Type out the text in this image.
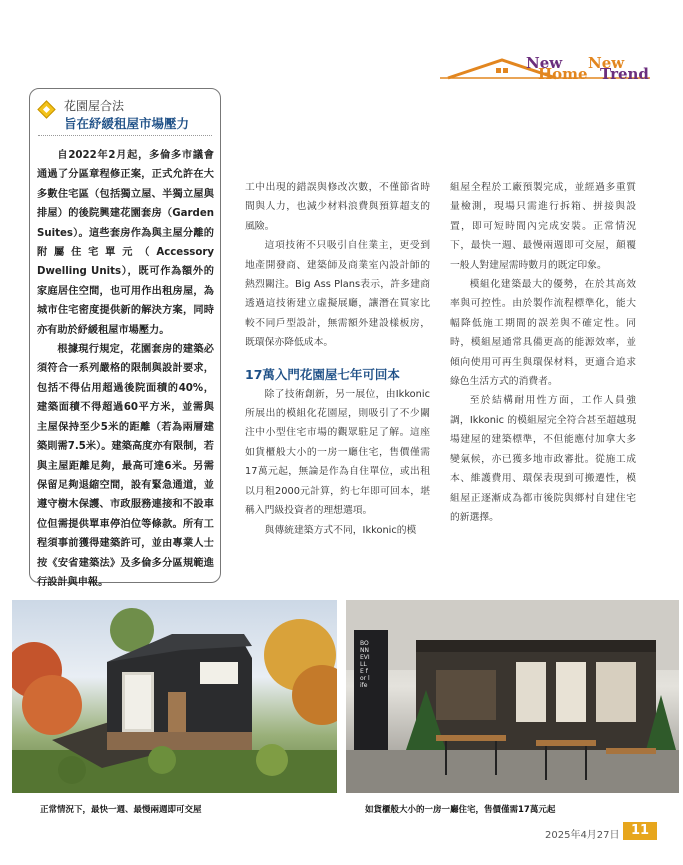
New
Home
New
Trend
花園屋合法
旨在紓緩租屋市場壓力

自2022年2月起，多倫多市議會通過了分區章程修正案，正式允許在大多數住宅區（包括獨立屋、半獨立屋與排屋）的後院興建花園套房（Garden Suites）。這些套房作為與主屋分離的附屬住宅單元（Accessory Dwelling Units），既可作為額外的家庭居住空間，也可用作出租房屋，為城市住宅密度提供新的解決方案，同時亦有助於紓緩租屋市場壓力。

根據現行規定，花園套房的建築必須符合一系列嚴格的限制與設計要求，包括不得佔用超過後院面積的40%，建築面積不得超過60平方米，並需與主屋保持至少5米的距離（若為兩層建築則需7.5米）。建築高度亦有限制，若與主屋距離足夠，最高可達6米。另需保留足夠退縮空間，設有緊急通道，並遵守樹木保護、市政服務連接和不設車位但需提供單車停泊位等條款。所有工程須事前獲得建築許可，並由專業人士按《安省建築法》及多倫多分區規範進行設計與申報。

工中出現的錯誤與修改次數，不僅節省時間與人力，也減少材料浪費與預算超支的風險。

這項技術不只吸引自住業主，更受到地產開發商、建築師及商業室內設計師的熱烈關注。Big Ass Plans表示，許多建商透過這技術建立虛擬展廳，讓潛在買家比較不同戶型設計，無需額外建設樣板房，既環保亦降低成本。

17萬入門花園屋七年可回本

除了技術創新，另一展位，由Ikkonic所展出的模組化花園屋，則吸引了不少關注中小型住宅市場的觀眾駐足了解。這座如貨櫃般大小的一房一廳住宅，售價僅需17萬元起，無論是作為自住單位，或出租以月租2000元計算，約七年即可回本，堪稱入門級投資者的理想選項。

與傳統建築方式不同，Ikkonic的模

組屋全程於工廠預製完成，並經過多重質量檢測，現場只需進行拆箱、拼接與設置，即可短時間內完成安裝。正常情況下，最快一週、最慢兩週即可交屋，顛覆一般人對建屋需時數月的既定印象。

模組化建築最大的優勢，在於其高效率與可控性。由於製作流程標準化，能大幅降低施工期間的誤差與不確定性。同時，模組屋通常具備更高的能源效率，並傾向使用可再生與環保材料，更適合追求綠色生活方式的消費者。

至於結構耐用性方面，工作人員強調，Ikkonic 的模組屋完全符合甚至超越現場建屋的建築標準，不但能應付加拿大多變氣候，亦已獲多地市政審批。從施工成本、維護費用、環保表現到可搬遷性，模組屋正逐漸成為都市後院與鄉村自建住宅的新選擇。

BONNEVILLE for life
正常情況下，最快一週、最慢兩週即可交屋	如貨櫃般大小的一房一廳住宅，售價僅需17萬元起
2025年4月27日 11
